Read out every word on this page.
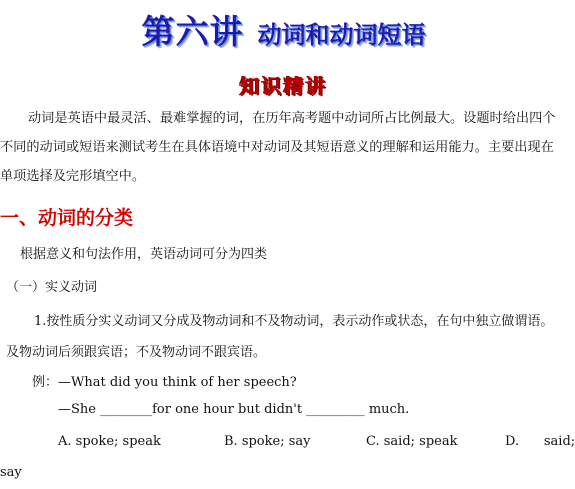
第六讲 动词和动词短语
知识精讲
动词是英语中最灵活、最难掌握的词，在历年高考题中动词所占比例最大。设题时给出四个不同的动词或短语来测试考生在具体语境中对动词及其短语意义的理解和运用能力。主要出现在单项选择及完形填空中。
一、动词的分类
根据意义和句法作用，英语动词可分为四类
（一）实义动词
1.按性质分实义动词又分成及物动词和不及物动词，表示动作或状态，在句中独立做谓语。
及物动词后须跟宾语；不及物动词不跟宾语。
例：—What did you think of her speech?
—She ________for one hour but didn't _________ much.
A. spoke; speak	B. spoke; say	C. said; speak	D.      said;
say
